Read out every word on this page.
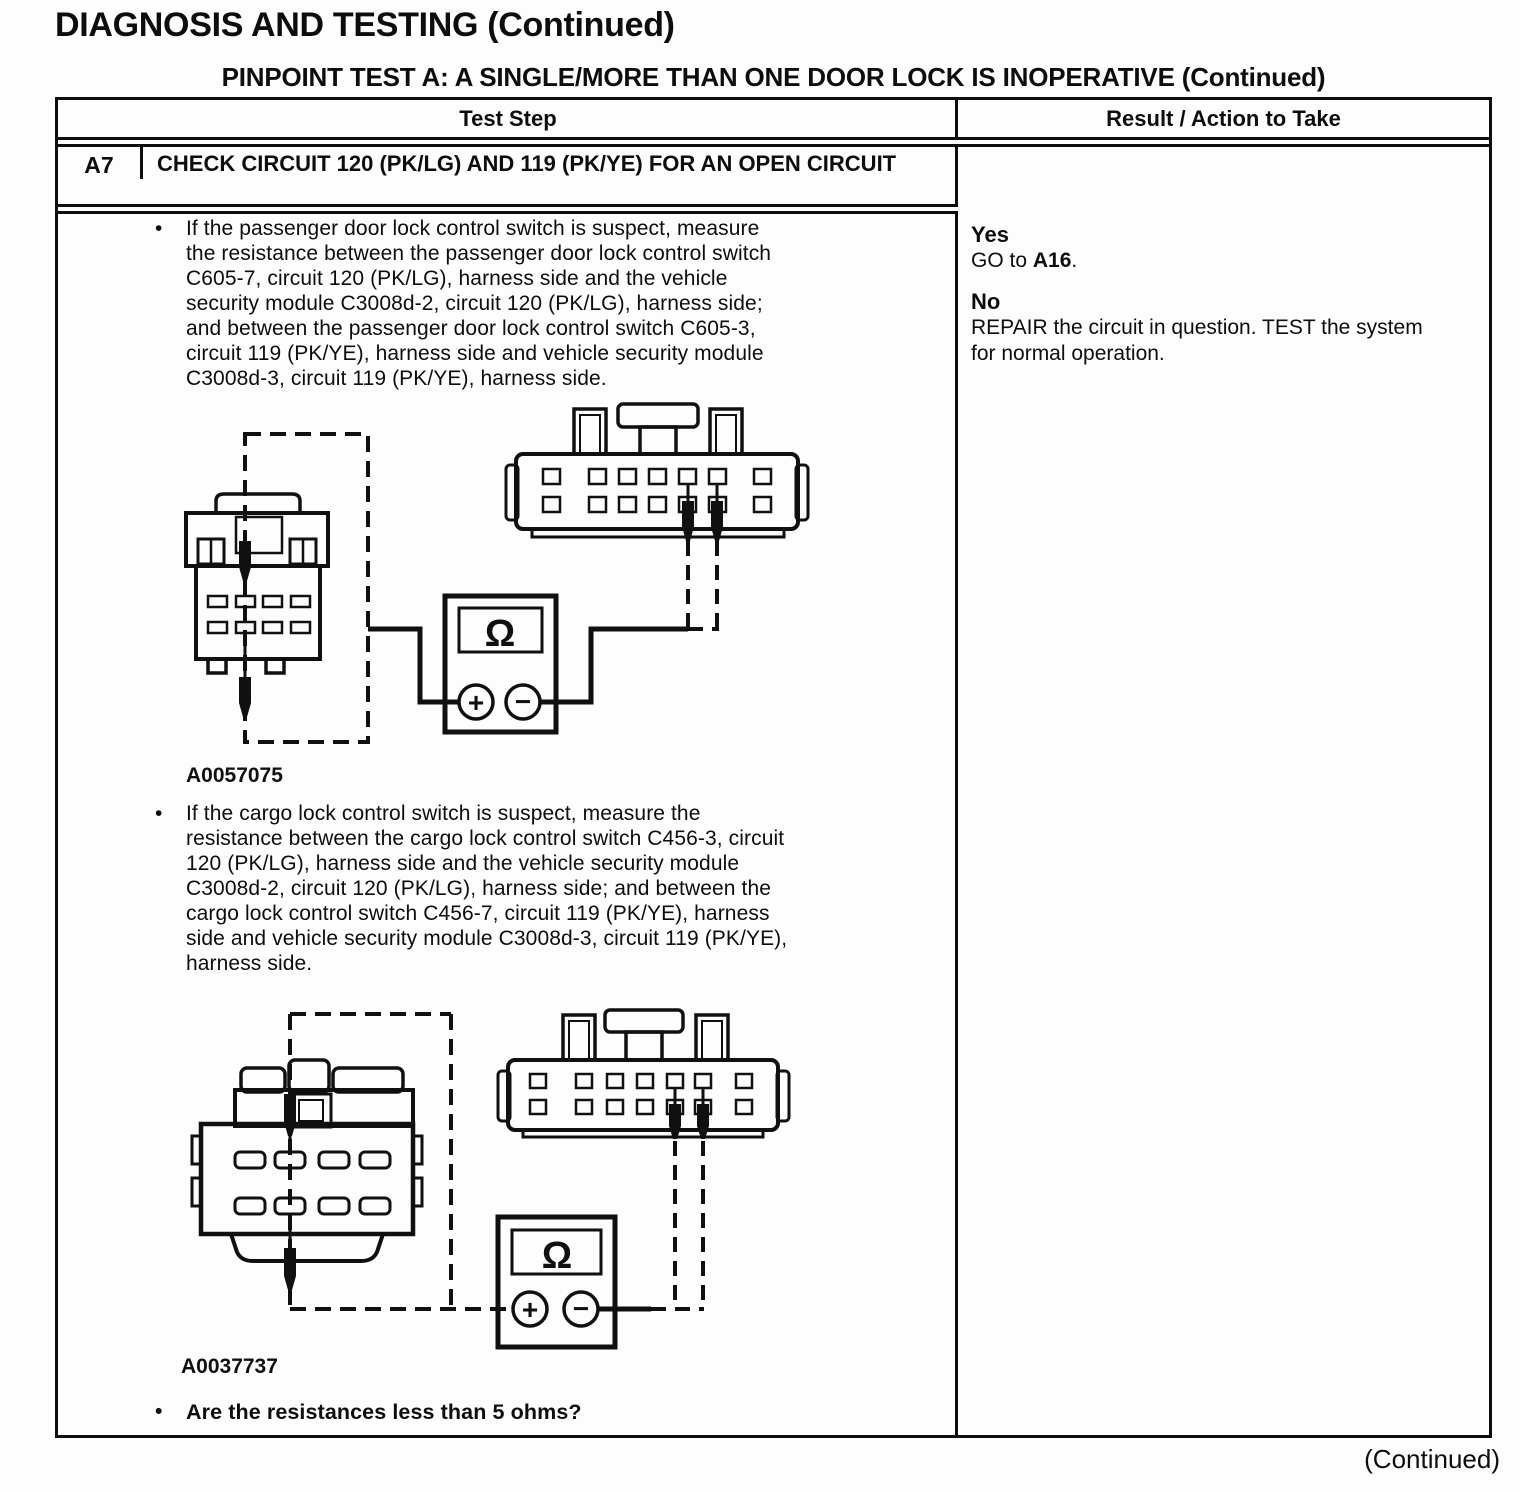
DIAGNOSIS AND TESTING (Continued)
PINPOINT TEST A: A SINGLE/MORE THAN ONE DOOR LOCK IS INOPERATIVE (Continued)
Test Step	Result / Action to Take
A7	CHECK CIRCUIT 120 (PK/LG) AND 119 (PK/YE) FOR AN OPEN CIRCUIT
•	If the passenger door lock control switch is suspect, measure
the resistance between the passenger door lock control switch
C605-7, circuit 120 (PK/LG), harness side and the vehicle
security module C3008d-2, circuit 120 (PK/LG), harness side;
and between the passenger door lock control switch C605-3,
circuit 119 (PK/YE), harness side and vehicle security module
C3008d-3, circuit 119 (PK/YE), harness side.
Ω
+ −
A0057075
•	If the cargo lock control switch is suspect, measure the
resistance between the cargo lock control switch C456-3, circuit
120 (PK/LG), harness side and the vehicle security module
C3008d-2, circuit 120 (PK/LG), harness side; and between the
cargo lock control switch C456-7, circuit 119 (PK/YE), harness
side and vehicle security module C3008d-3, circuit 119 (PK/YE),
harness side.
Ω
+ −
A0037737
•	Are the resistances less than 5 ohms?
Yes
GO to A16.
No
REPAIR the circuit in question. TEST the system for normal operation.
(Continued)
